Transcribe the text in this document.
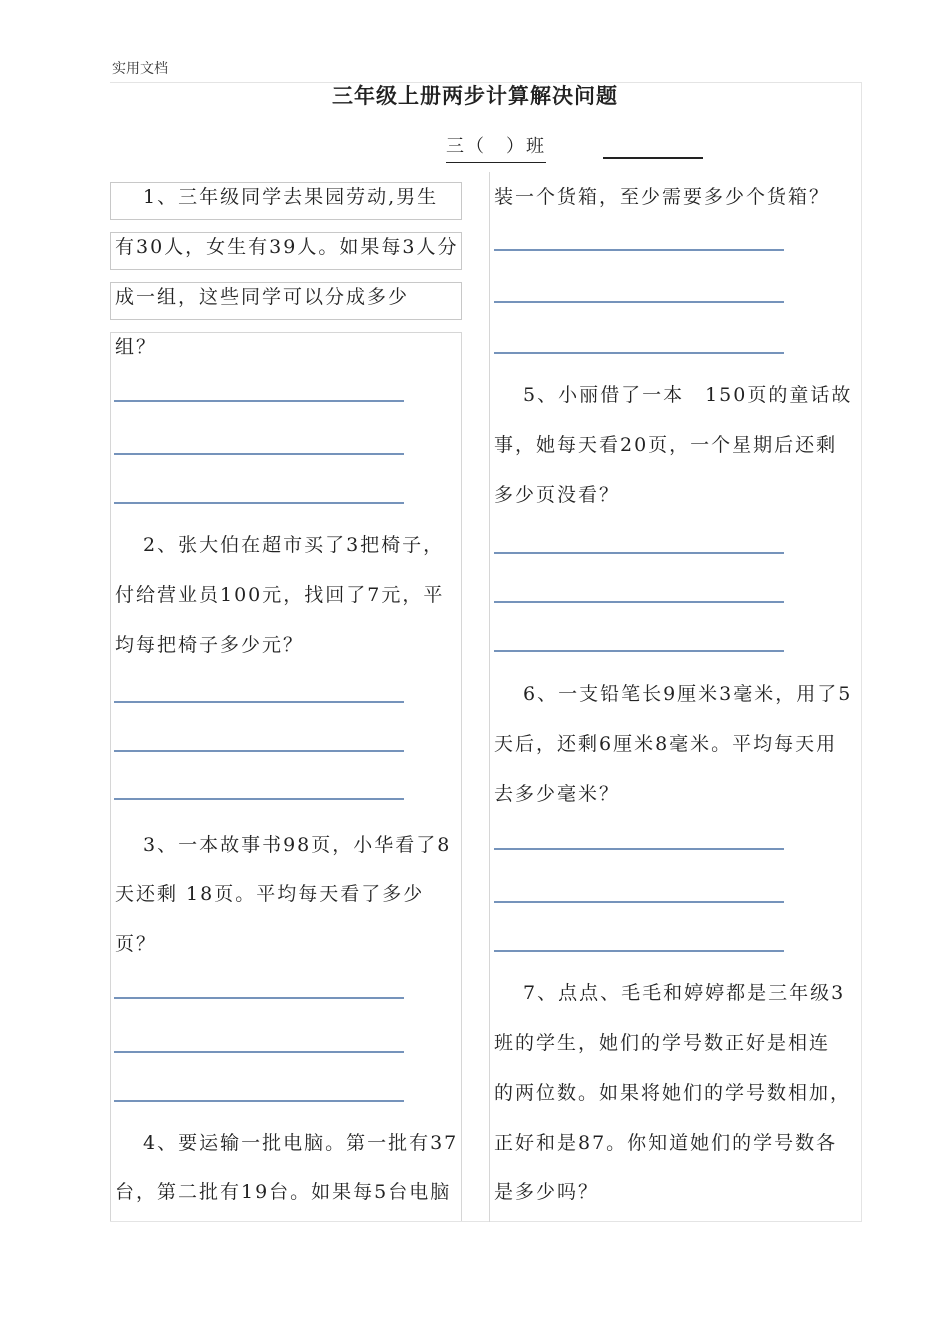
实用文档
三年级上册两步计算解决问题
三（　）班
1、三年级同学去果园劳动,男生
有30人，女生有39人。如果每3人分
成一组，这些同学可以分成多少
组？
2、张大伯在超市买了3把椅子，
付给营业员100元，找回了7元，平
均每把椅子多少元？
3、一本故事书98页，小华看了8
天还剩 18页。平均每天看了多少
页？
4、要运输一批电脑。第一批有37
台，第二批有19台。如果每5台电脑
装一个货箱，至少需要多少个货箱？
5、小丽借了一本　150页的童话故
事，她每天看20页，一个星期后还剩
多少页没看？
6、一支铅笔长9厘米3毫米，用了5
天后，还剩6厘米8毫米。平均每天用
去多少毫米？
7、点点、毛毛和婷婷都是三年级3
班的学生，她们的学号数正好是相连
的两位数。如果将她们的学号数相加，
正好和是87。你知道她们的学号数各
是多少吗？
